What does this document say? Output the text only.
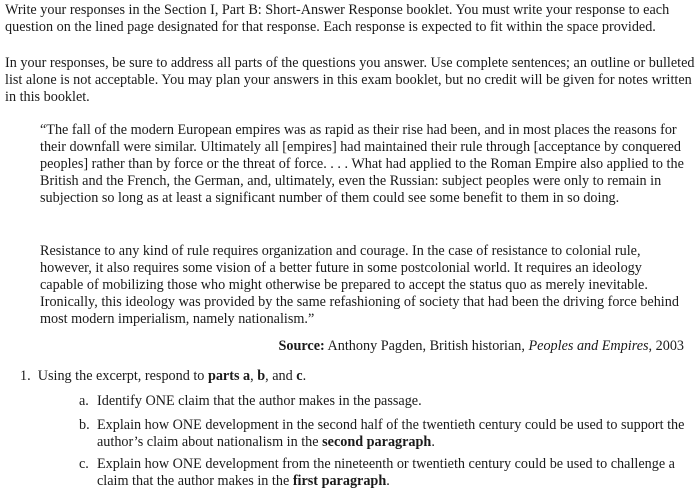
Write your responses in the Section I, Part B: Short-Answer Response booklet. You must write your response to each question on the lined page designated for that response. Each response is expected to fit within the space provided.

In your responses, be sure to address all parts of the questions you answer. Use complete sentences; an outline or bulleted list alone is not acceptable. You may plan your answers in this exam booklet, but no credit will be given for notes written in this booklet.

“The fall of the modern European empires was as rapid as their rise had been, and in most places the reasons for their downfall were similar. Ultimately all [empires] had maintained their rule through [acceptance by conquered peoples] rather than by force or the threat of force. . . . What had applied to the Roman Empire also applied to the British and the French, the German, and, ultimately, even the Russian: subject peoples were only to remain in subjection so long as at least a significant number of them could see some benefit to them in so doing.

Resistance to any kind of rule requires organization and courage. In the case of resistance to colonial rule, however, it also requires some vision of a better future in some postcolonial world. It requires an ideology capable of mobilizing those who might otherwise be prepared to accept the status quo as merely inevitable. Ironically, this ideology was provided by the same refashioning of society that had been the driving force behind most modern imperialism, namely nationalism.”

Source: Anthony Pagden, British historian, Peoples and Empires, 2003

1. Using the excerpt, respond to parts a, b, and c.

a. Identify ONE claim that the author makes in the passage.
b. Explain how ONE development in the second half of the twentieth century could be used to support the author’s claim about nationalism in the second paragraph.
c. Explain how ONE development from the nineteenth or twentieth century could be used to challenge a claim that the author makes in the first paragraph.
